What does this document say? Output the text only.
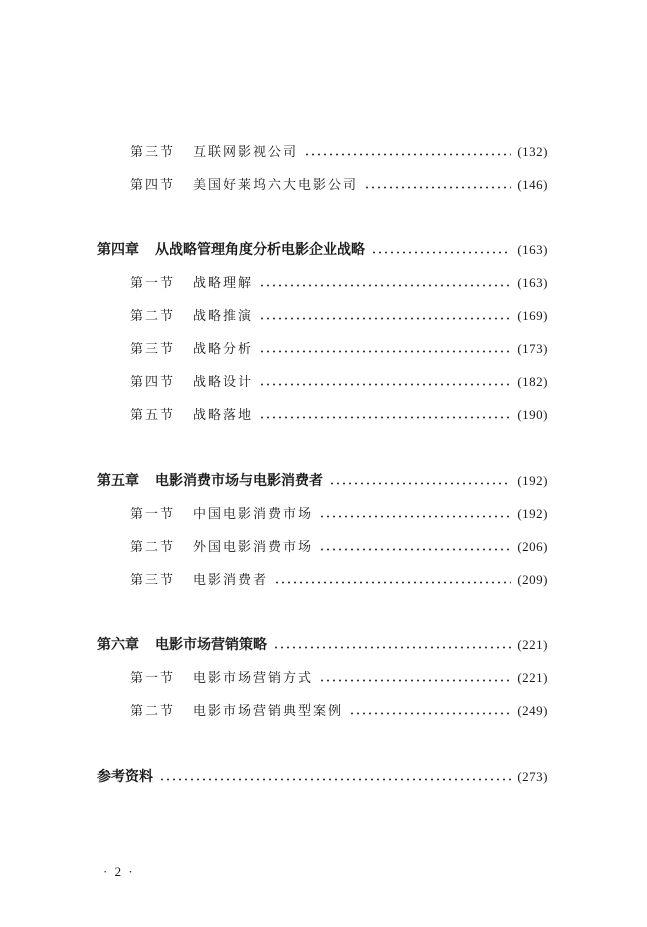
第三节 互联网影视公司	(132)
第四节 美国好莱坞六大电影公司	(146)
第四章 从战略管理角度分析电影企业战略	(163)
第一节 战略理解	(163)
第二节 战略推演	(169)
第三节 战略分析	(173)
第四节 战略设计	(182)
第五节 战略落地	(190)
第五章 电影消费市场与电影消费者	(192)
第一节 中国电影消费市场	(192)
第二节 外国电影消费市场	(206)
第三节 电影消费者	(209)
第六章 电影市场营销策略	(221)
第一节 电影市场营销方式	(221)
第二节 电影市场营销典型案例	(249)
参考资料	(273)
· 2 ·
